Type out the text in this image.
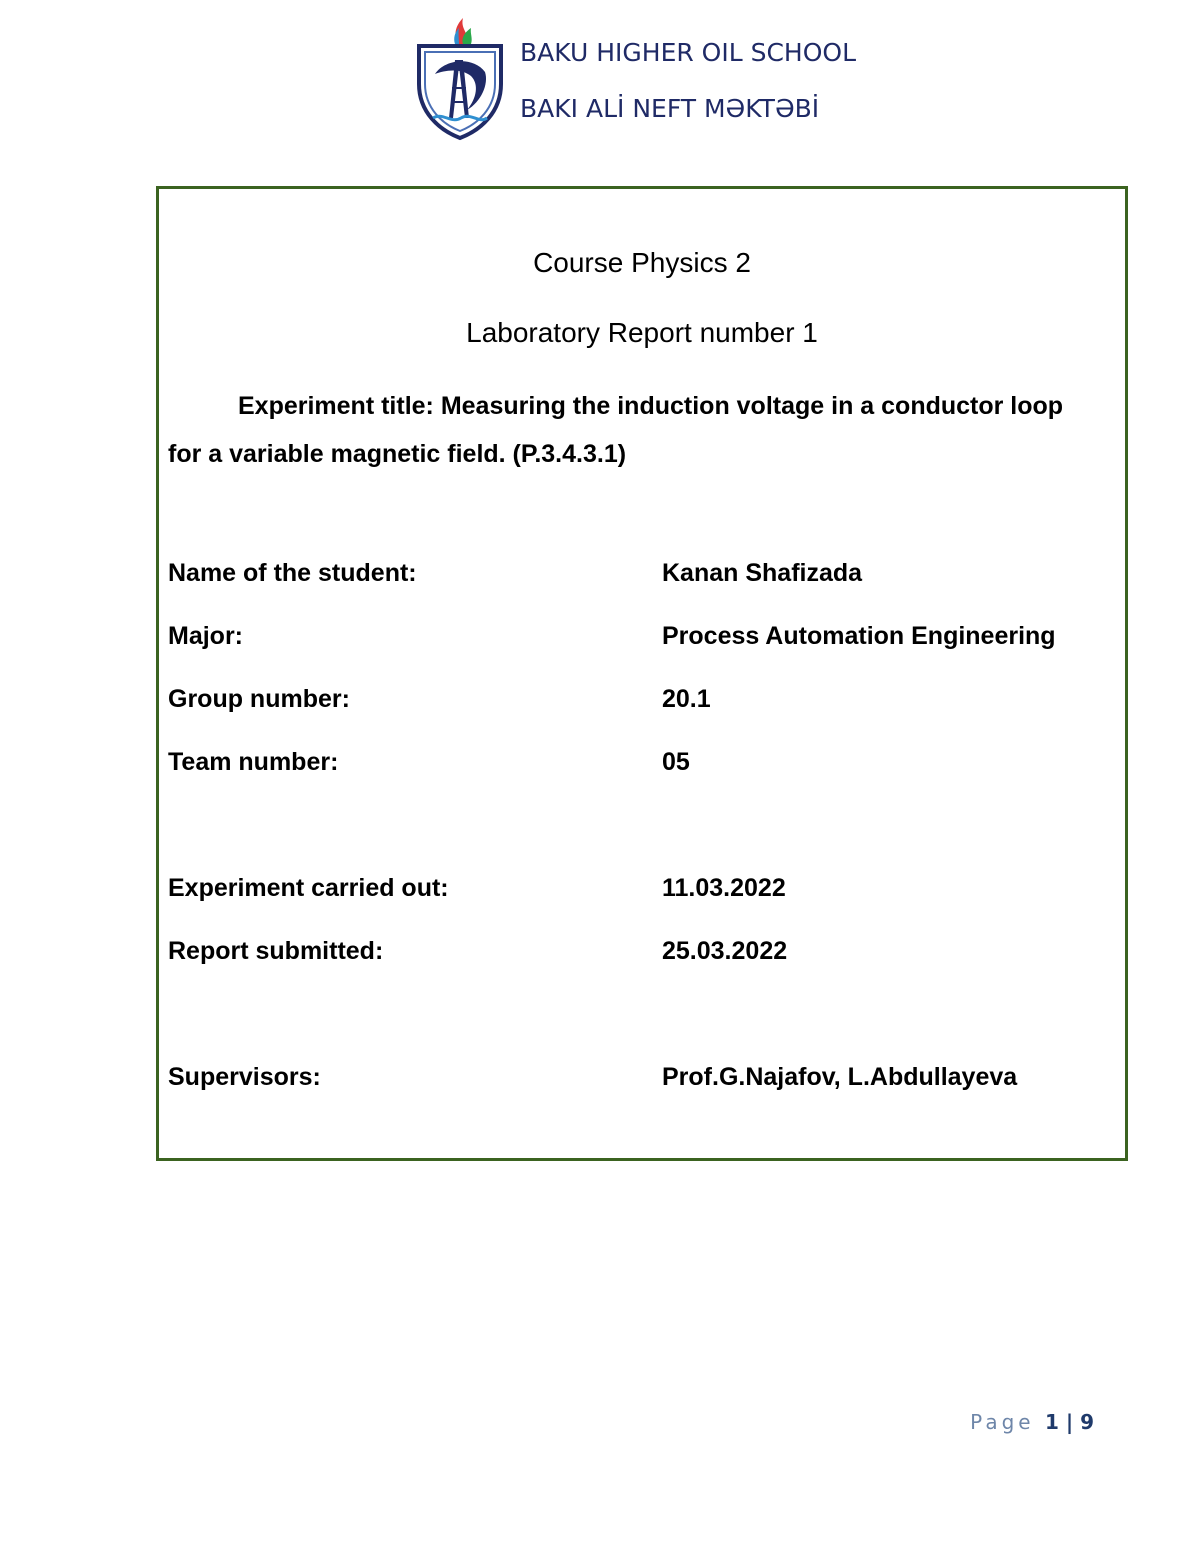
BAKU HIGHER OIL SCHOOL
BAKI ALİ NEFT MƏKTƏBİ
Course Physics 2
Laboratory Report number 1
Experiment title: Measuring the induction voltage in a conductor loop for a variable magnetic field. (P.3.4.3.1)
Name of the student:	Kanan Shafizada
Major:	Process Automation Engineering
Group number:	20.1
Team number:	05
Experiment carried out:	11.03.2022
Report submitted:	25.03.2022
Supervisors:	Prof.G.Najafov, L.Abdullayeva
Page 1 | 9
